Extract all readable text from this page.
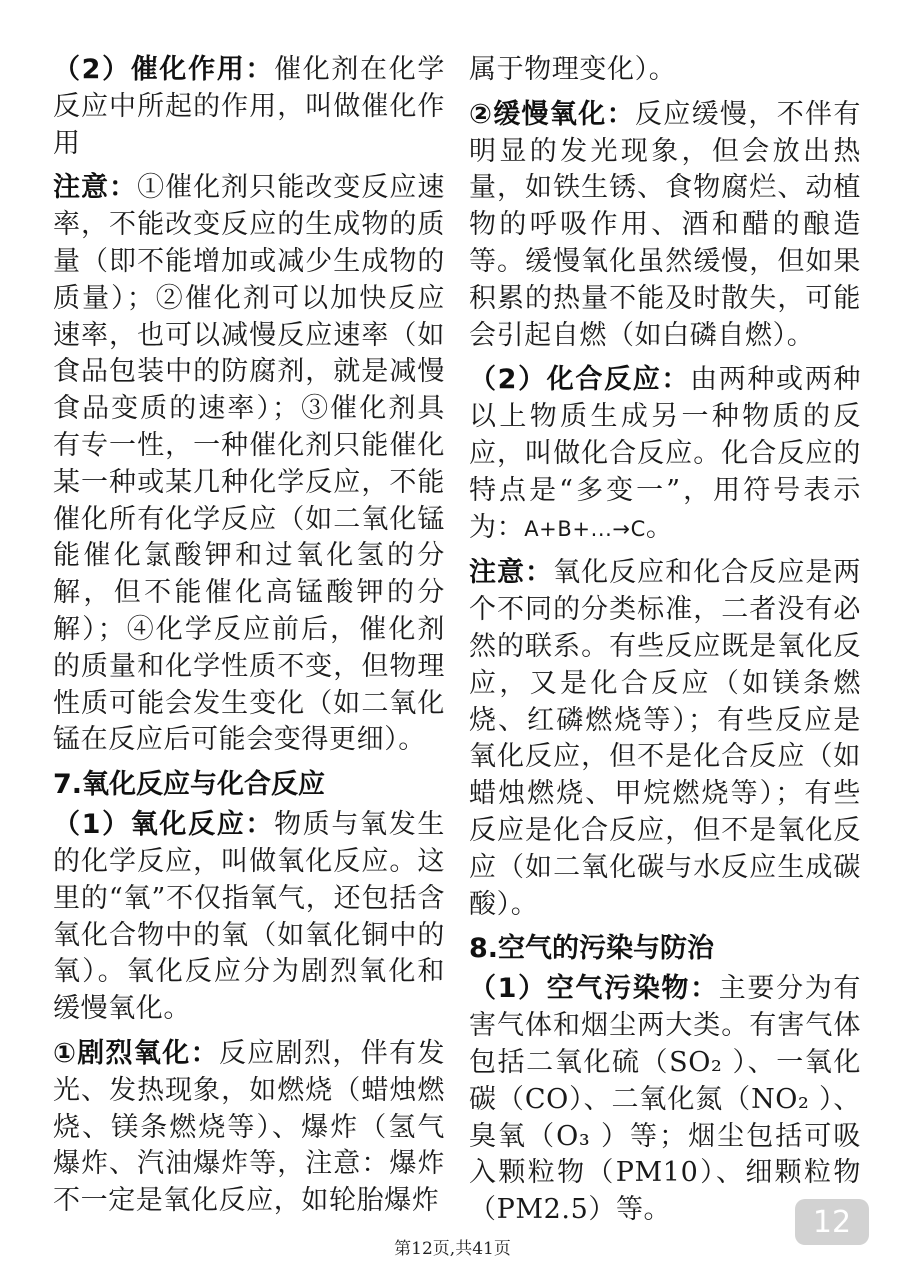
（2）催化作用：催化剂在化学反应中所起的作用，叫做催化作用

注意：①催化剂只能改变反应速率，不能改变反应的生成物的质量（即不能增加或减少生成物的质量）；②催化剂可以加快反应速率，也可以减慢反应速率（如食品包装中的防腐剂，就是减慢食品变质的速率）；③催化剂具有专一性，一种催化剂只能催化某一种或某几种化学反应，不能催化所有化学反应（如二氧化锰能催化氯酸钾和过氧化氢的分解，但不能催化高锰酸钾的分解）；④化学反应前后，催化剂的质量和化学性质不变，但物理性质可能会发生变化（如二氧化锰在反应后可能会变得更细）。

7.氧化反应与化合反应

（1）氧化反应：物质与氧发生的化学反应，叫做氧化反应。这里的“氧”不仅指氧气，还包括含氧化合物中的氧（如氧化铜中的氧）。氧化反应分为剧烈氧化和缓慢氧化。

①剧烈氧化：反应剧烈，伴有发光、发热现象，如燃烧（蜡烛燃烧、镁条燃烧等）、爆炸（氢气爆炸、汽油爆炸等，注意：爆炸不一定是氧化反应，如轮胎爆炸

属于物理变化）。

②缓慢氧化：反应缓慢，不伴有明显的发光现象，但会放出热量，如铁生锈、食物腐烂、动植物的呼吸作用、酒和醋的酿造等。缓慢氧化虽然缓慢，但如果积累的热量不能及时散失，可能会引起自燃（如白磷自燃）。

（2）化合反应：由两种或两种以上物质生成另一种物质的反应，叫做化合反应。化合反应的特点是“多变一”，用符号表示为：A+B+...→C。

注意：氧化反应和化合反应是两个不同的分类标准，二者没有必然的联系。有些反应既是氧化反应，又是化合反应（如镁条燃烧、红磷燃烧等）；有些反应是氧化反应，但不是化合反应（如蜡烛燃烧、甲烷燃烧等）；有些反应是化合反应，但不是氧化反应（如二氧化碳与水反应生成碳酸）。

8.空气的污染与防治

（1）空气污染物：主要分为有害气体和烟尘两大类。有害气体包括二氧化硫（SO₂ ）、一氧化碳（CO）、二氧化氮（NO₂ ）、臭氧（O₃ ）等；烟尘包括可吸入颗粒物（PM10）、细颗粒物（PM2.5）等。	12
第12页,共41页
